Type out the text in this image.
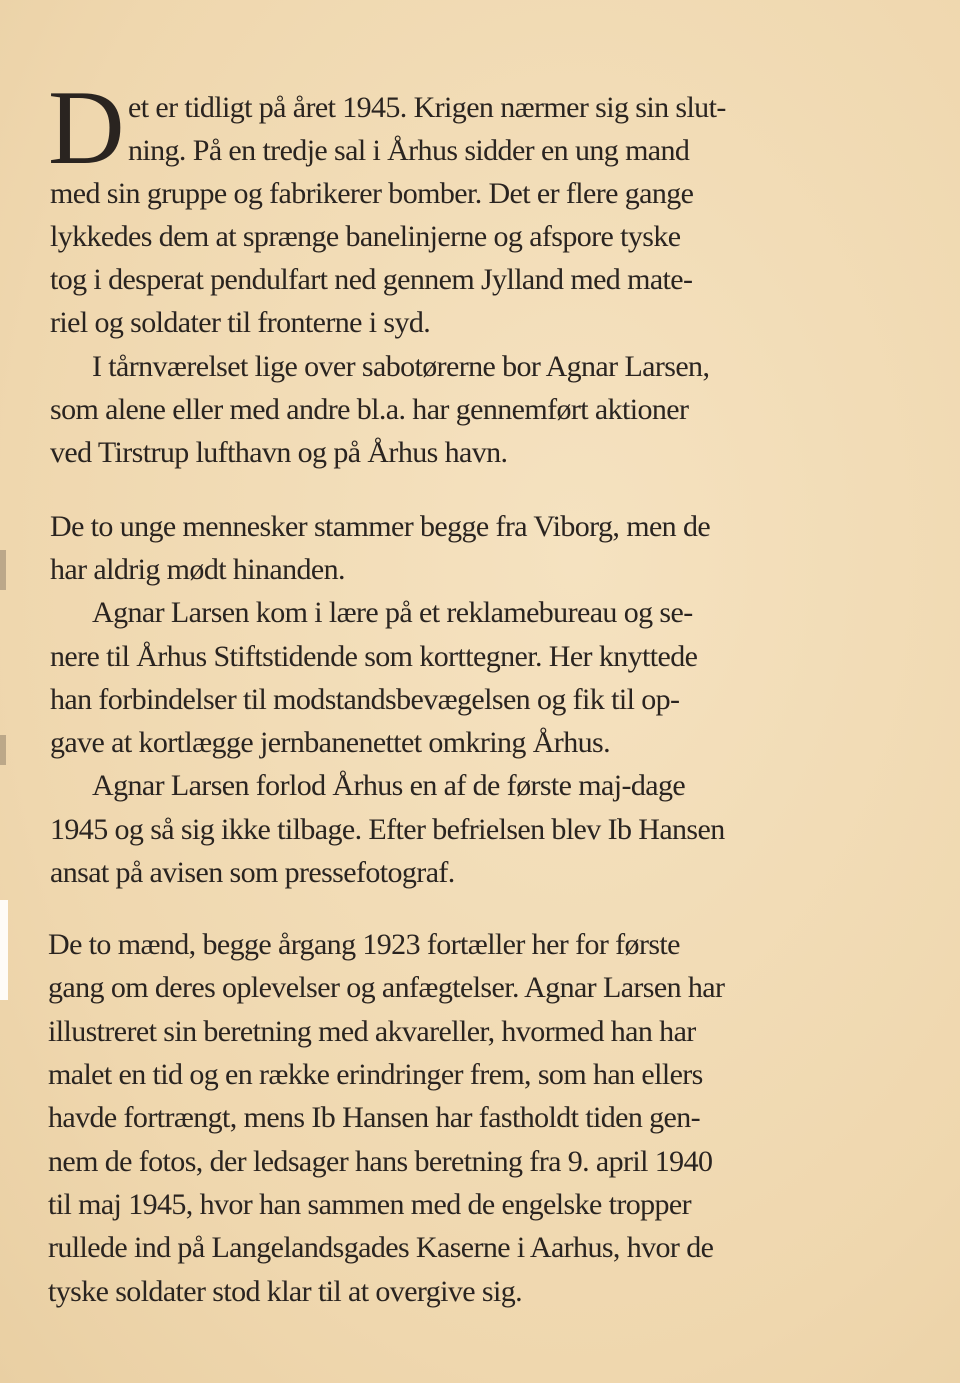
D et er tidligt på året 1945. Krigen nærmer sig sin slut-
ning. På en tredje sal i Århus sidder en ung mand
med sin gruppe og fabrikerer bomber. Det er flere gange
lykkedes dem at sprænge banelinjerne og afspore tyske
tog i desperat pendulfart ned gennem Jylland med mate-
riel og soldater til fronterne i syd.
I tårnværelset lige over sabotørerne bor Agnar Larsen,
som alene eller med andre bl.a. har gennemført aktioner
ved Tirstrup lufthavn og på Århus havn.
De to unge mennesker stammer begge fra Viborg, men de
har aldrig mødt hinanden.
Agnar Larsen kom i lære på et reklamebureau og se-
nere til Århus Stiftstidende som korttegner. Her knyttede
han forbindelser til modstandsbevægelsen og fik til op-
gave at kortlægge jernbanenettet omkring Århus.
Agnar Larsen forlod Århus en af de første maj-dage
1945 og så sig ikke tilbage. Efter befrielsen blev Ib Hansen
ansat på avisen som pressefotograf.
De to mænd, begge årgang 1923 fortæller her for første
gang om deres oplevelser og anfægtelser. Agnar Larsen har
illustreret sin beretning med akvareller, hvormed han har
malet en tid og en række erindringer frem, som han ellers
havde fortrængt, mens Ib Hansen har fastholdt tiden gen-
nem de fotos, der ledsager hans beretning fra 9. april 1940
til maj 1945, hvor han sammen med de engelske tropper
rullede ind på Langelandsgades Kaserne i Aarhus, hvor de
tyske soldater stod klar til at overgive sig.
